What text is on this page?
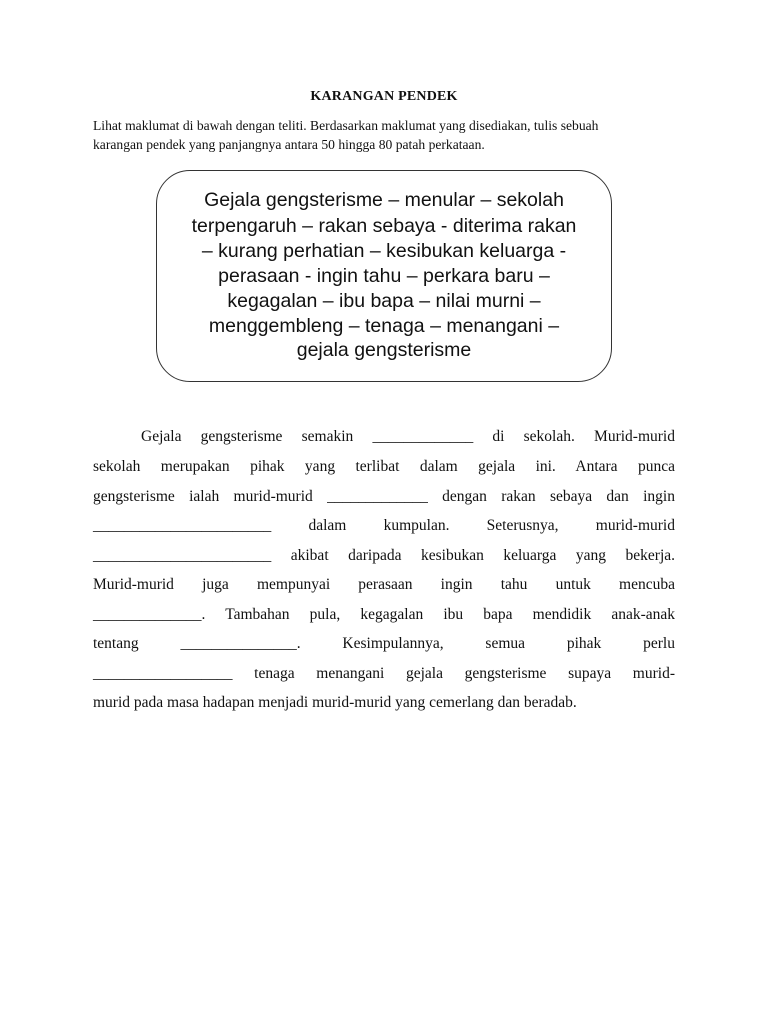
KARANGAN PENDEK
Lihat maklumat di bawah dengan teliti. Berdasarkan maklumat yang disediakan, tulis sebuah
karangan pendek yang panjangnya antara 50 hingga 80 patah perkataan.
Gejala gengsterisme – menular – sekolah
terpengaruh – rakan sebaya - diterima rakan
– kurang perhatian – kesibukan keluarga -
perasaan - ingin tahu – perkara baru –
kegagalan – ibu bapa – nilai murni –
menggembleng – tenaga – menangani –
gejala gengsterisme
Gejala gengsterisme semakin _____________ di sekolah. Murid-murid
sekolah merupakan pihak yang terlibat dalam gejala ini. Antara punca
gengsterisme ialah murid-murid _____________ dengan rakan sebaya dan ingin
_______________________ dalam kumpulan. Seterusnya, murid-murid
_______________________ akibat daripada kesibukan keluarga yang bekerja.
Murid-murid juga mempunyai perasaan ingin tahu untuk mencuba
______________. Tambahan pula, kegagalan ibu bapa mendidik anak-anak
tentang _______________. Kesimpulannya, semua pihak perlu
__________________ tenaga menangani gejala gengsterisme supaya murid-
murid pada masa hadapan menjadi murid-murid yang cemerlang dan beradab.
